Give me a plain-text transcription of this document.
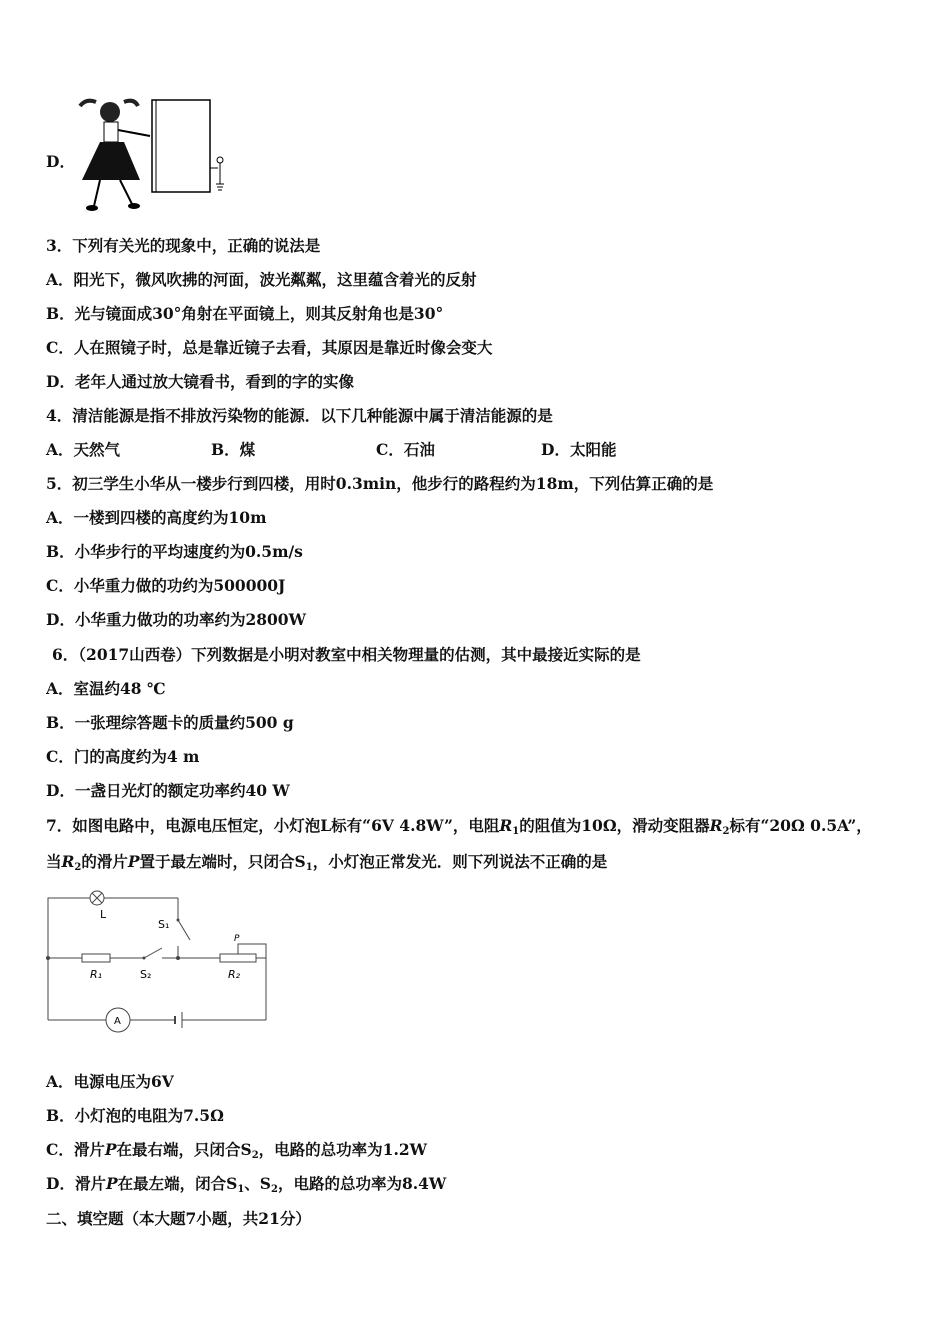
D．
3．下列有关光的现象中，正确的说法是
A．阳光下，微风吹拂的河面，波光粼粼，这里蕴含着光的反射
B．光与镜面成30°角射在平面镜上，则其反射角也是30°
C．人在照镜子时，总是靠近镜子去看，其原因是靠近时像会变大
D．老年人通过放大镜看书，看到的字的实像
4．清洁能源是指不排放污染物的能源．以下几种能源中属于清洁能源的是
A．天然气	B．煤	C．石油	D．太阳能
5．初三学生小华从一楼步行到四楼，用时0.3min，他步行的路程约为18m，下列估算正确的是
A．一楼到四楼的高度约为10m
B．小华步行的平均速度约为0.5m/s
C．小华重力做的功约为500000J
D．小华重力做功的功率约为2800W
6．（2017山西卷）下列数据是小明对教室中相关物理量的估测，其中最接近实际的是
A．室温约48 ℃
B．一张理综答题卡的质量约500 g
C．门的高度约为4 m
D．一盏日光灯的额定功率约40 W
7．如图电路中，电源电压恒定，小灯泡L标有“6V 4.8W”，电阻$R_1$的阻值为10Ω，滑动变阻器$R_2$标有“20Ω 0.5A”，
当$R_2$的滑片P置于最左端时，只闭合$S_1$，小灯泡正常发光．则下列说法不正确的是
L
S₁
R₁	S₂	R₂
P
A
A．电源电压为6V
B．小灯泡的电阻为7.5Ω
C．滑片P在最右端，只闭合$S_2$，电路的总功率为1.2W
D．滑片P在最左端，闭合$S_1$、$S_2$，电路的总功率为8.4W
二、填空题（本大题7小题，共21分）
